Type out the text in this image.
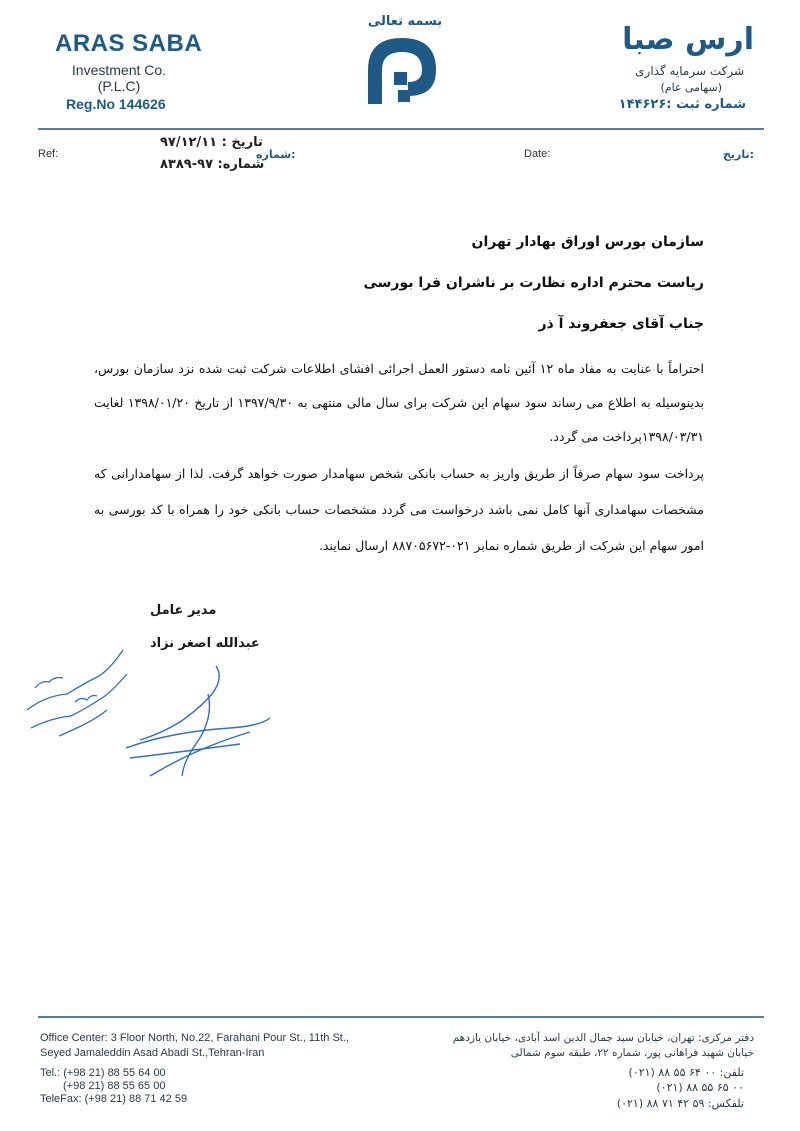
ARAS SABA
Investment Co.
(P.L.C)
Reg.No 144626
بسمه تعالی
ارس صبا
شرکت سرمایه گذاری
(سهامی عام)
شماره ثبت :۱۴۴۶۲۶
Ref:	Date:
شماره:	تاریخ:
تاریخ : ۹۷/۱۲/۱۱
شماره: ۹۷-۸۳۸۹
سازمان بورس اوراق بهادار تهران
ریاست محترم اداره نظارت بر ناشران فرا بورسی
جناب آقای جعفروند آ ذر
احتراماً با عنایت به مفاد ماه ۱۲ آئین نامه دستور العمل اجرائی افشای اطلاعات شرکت ثبت شده نزد سازمان بورس، بدینوسیله به اطلاع می رساند سود سهام این شرکت برای سال مالی منتهی به ۱۳۹۷/۹/۳۰ از تاریخ ۱۳۹۸/۰۱/۲۰ لغایت ۱۳۹۸/۰۳/۳۱پرداخت می گردد.
پرداخت سود سهام صرفاً از طریق واریز به حساب بانکی شخص سهامدار صورت خواهد گرفت. لذا از سهامدارانی که مشخصات سهامداری آنها کامل نمی باشد درخواست می گردد مشخصات حساب بانکی خود را همراه با کد بورسی به امور سهام این شرکت از طریق شماره نمابر ۰۲۱-۸۸۷۰۵۶۷۲ ارسال نمایند.
مدیر عامل
عبدالله اصغر نزاد
Office Center: 3 Floor North, No.22, Farahani Pour St., 11th St.,
Seyed Jamaleddin Asad Abadi St.,Tehran-Iran
Tel.: (+98 21) 88 55 64 00
(+98 21) 88 55 65 00
TeleFax: (+98 21) 88 71 42 59
دفتر مرکزی: تهران، خیابان سید جمال الدین اسد آبادی، خیابان یازدهم
خیابان شهید فراهانی پور، شماره ۲۲، طبقه سوم شمالی
تلفن: ۰۰ ۶۴ ۵۵ ۸۸ (۰۲۱)
۰۰ ۶۵ ۵۵ ۸۸ (۰۲۱)
تلفکس: ۵۹ ۴۲ ۷۱ ۸۸ (۰۲۱)
